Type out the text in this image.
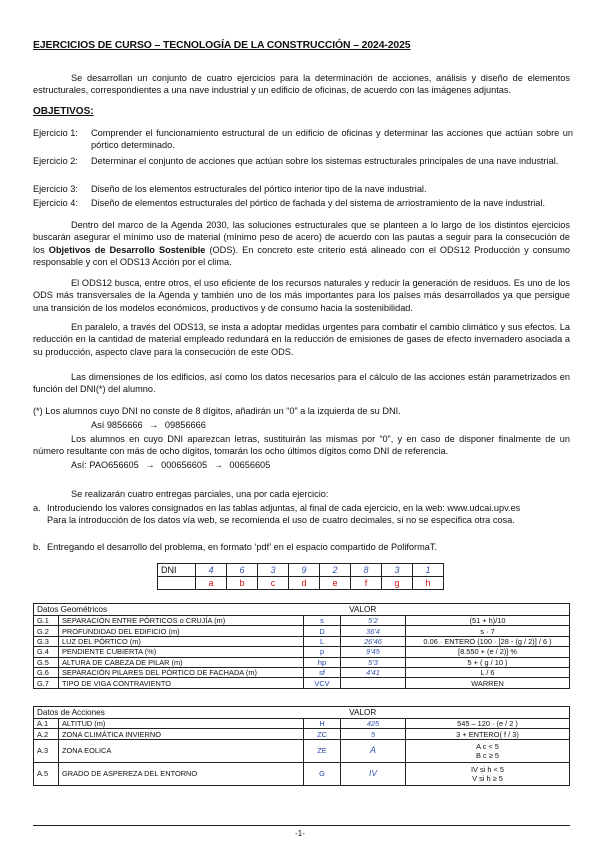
EJERCICIOS DE CURSO – TECNOLOGÍA DE LA CONSTRUCCIÓN – 2024-2025
Se desarrollan un conjunto de cuatro ejercicios para la determinación de acciones, análisis y diseño de elementos estructurales, correspondientes a una nave industrial y un edificio de oficinas, de acuerdo con las imágenes adjuntas.
OBJETIVOS:
Ejercicio 1:	Comprender el funcionamiento estructural de un edificio de oficinas y determinar las acciones que actúan sobre un pórtico determinado.
Ejercicio 2:	Determinar el conjunto de acciones que actúan sobre los sistemas estructurales principales de una nave industrial.
Ejercicio 3:	Diseño de los elementos estructurales del pórtico interior tipo de la nave industrial.
Ejercicio 4:	Diseño de elementos estructurales del pórtico de fachada y del sistema de arriostramiento de la nave industrial.
Dentro del marco de la Agenda 2030, las soluciones estructurales que se planteen a lo largo de los distintos ejercicios buscarán asegurar el mínimo uso de material (mínimo peso de acero) de acuerdo con las pautas a seguir para la consecución de los Objetivos de Desarrollo Sostenible (ODS). En concreto este criterio está alineado con el ODS12 Producción y consumo responsable y con el ODS13 Acción por el clima.
El ODS12 busca, entre otros, el uso eficiente de los recursos naturales y reducir la generación de residuos. Es uno de los ODS más transversales de la Agenda y también uno de los más importantes para los países más desarrollados ya que persigue una transición de los modelos económicos, productivos y de consumo hacia la sostenibilidad.
En paralelo, a través del ODS13, se insta a adoptar medidas urgentes para combatir el cambio climático y sus efectos. La reducción en la cantidad de material empleado redundará en la reducción de emisiones de gases de efecto invernadero asociada a su producción, aspecto clave para la consecución de este ODS.
Las dimensiones de los edificios, así como los datos necesarios para el cálculo de las acciones están parametrizados en función del DNI(*) del alumno.
(*) Los alumnos cuyo DNI no conste de 8 dígitos, añadirán un “0” a la izquierda de su DNI.
Así 9856666 → 09856666
Los alumnos en cuyo DNI aparezcan letras, sustituirán las mismas por “0”, y en caso de disponer finalmente de un número resultante con más de ocho dígitos, tomarán los ocho últimos dígitos como DNI de referencia.
Así: PAO656605 → 000656605 → 00656605
Se realizarán cuatro entregas parciales, una por cada ejercicio:
a. Introduciendo los valores consignados en las tablas adjuntas, al final de cada ejercicio, en la web: www.udcai.upv.es
Para la introducción de los datos vía web, se recomienda el uso de cuatro decimales, si no se especifica otra cosa.
b. Entregando el desarrollo del problema, en formato ‘pdf’ en el espacio compartido de PoliformaT.
DNI	4	6	3	9	2	8	3	1
	a	b	c	d	e	f	g	h
Datos Geométricos		VALOR		
G.1	SEPARACIÓN ENTRE PÓRTICOS o CRUJÍA (m)	s	5'2	(51 + h)/10
G.2	PROFUNDIDAD DEL EDIFICIO (m)	D	36'4	s · 7
G.3	LUZ DEL PÓRTICO (m)	L	26'46	0.06 · ENTERO (100 · [28 - (g / 2)] / 6 )
G.4	PENDIENTE CUBIERTA (%)	p	9'45	[8.550 + (e / 2)] %
G.5	ALTURA DE CABEZA DE PILAR (m)	hp	5'3	5 + ( g / 10 )
G.6	SEPARACIÓN PILARES DEL PÓRTICO DE FACHADA (m)	sf	4'41	L / 6
G.7	TIPO DE VIGA CONTRAVIENTO	VCV		WARREN
Datos de Acciones		VALOR		
A.1	ALTITUD (m)	H	425	545 – 120 · (e / 2 )
A.2	ZONA CLIMÁTICA INVIERNO	ZC	5	3 + ENTERO( f / 3)
A.3	ZONA EOLICA	ZE	A	A c < 5
B c ≥ 5

A.5	GRADO DE ASPEREZA DEL ENTORNO	G	IV	IV si h < 5
V si h ≥ 5
-1-
